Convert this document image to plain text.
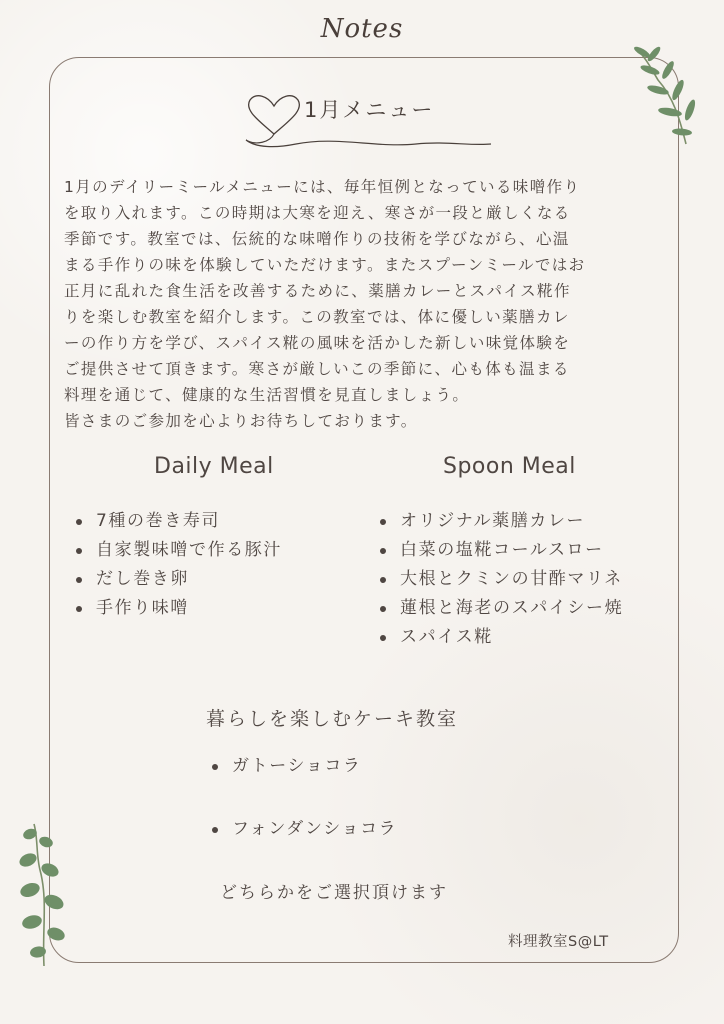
Notes
1月メニュー

1月のデイリーミールメニューには、毎年恒例となっている味噌作り
を取り入れます。この時期は大寒を迎え、寒さが一段と厳しくなる
季節です。教室では、伝統的な味噌作りの技術を学びながら、心温
まる手作りの味を体験していただけます。またスプーンミールではお
正月に乱れた食生活を改善するために、薬膳カレーとスパイス糀作
りを楽しむ教室を紹介します。この教室では、体に優しい薬膳カレ
ーの作り方を学び、スパイス糀の風味を活かした新しい味覚体験を
ご提供させて頂きます。寒さが厳しいこの季節に、心も体も温まる
料理を通じて、健康的な生活習慣を見直しましょう。
皆さまのご参加を心よりお待ちしております。

Daily Meal	Spoon Meal
7種の巻き寿司
自家製味噌で作る豚汁
だし巻き卵
手作り味噌
オリジナル薬膳カレー
白菜の塩糀コールスロー
大根とクミンの甘酢マリネ
蓮根と海老のスパイシー焼
スパイス糀
暮らしを楽しむケーキ教室
ガトーショコラ
フォンダンショコラ
どちらかをご選択頂けます
料理教室S@LT
